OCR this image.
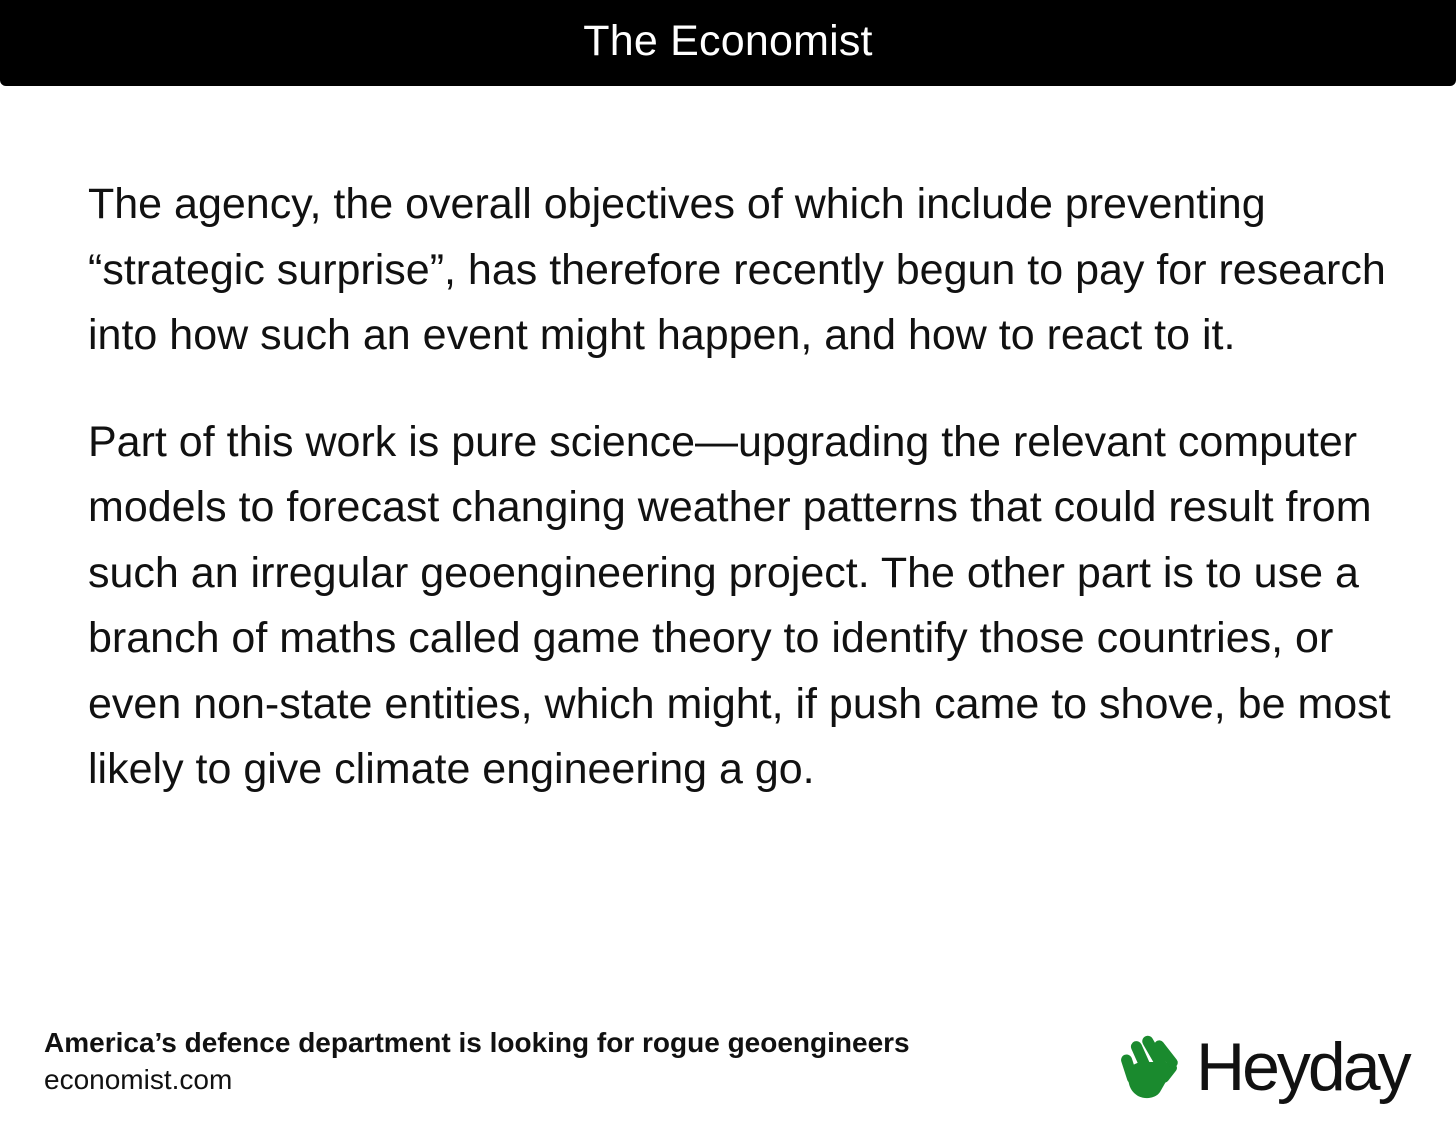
The Economist

The agency, the overall objectives of which include preventing “strategic surprise”, has therefore recently begun to pay for research into how such an event might happen, and how to react to it.

Part of this work is pure science—upgrading the relevant computer models to forecast changing weather patterns that could result from such an irregular geoengineering project. The other part is to use a branch of maths called game theory to identify those countries, or even non-state entities, which might, if push came to shove, be most likely to give climate engineering a go.

America’s defence department is looking for rogue geoengineers
economist.com	Heyday
